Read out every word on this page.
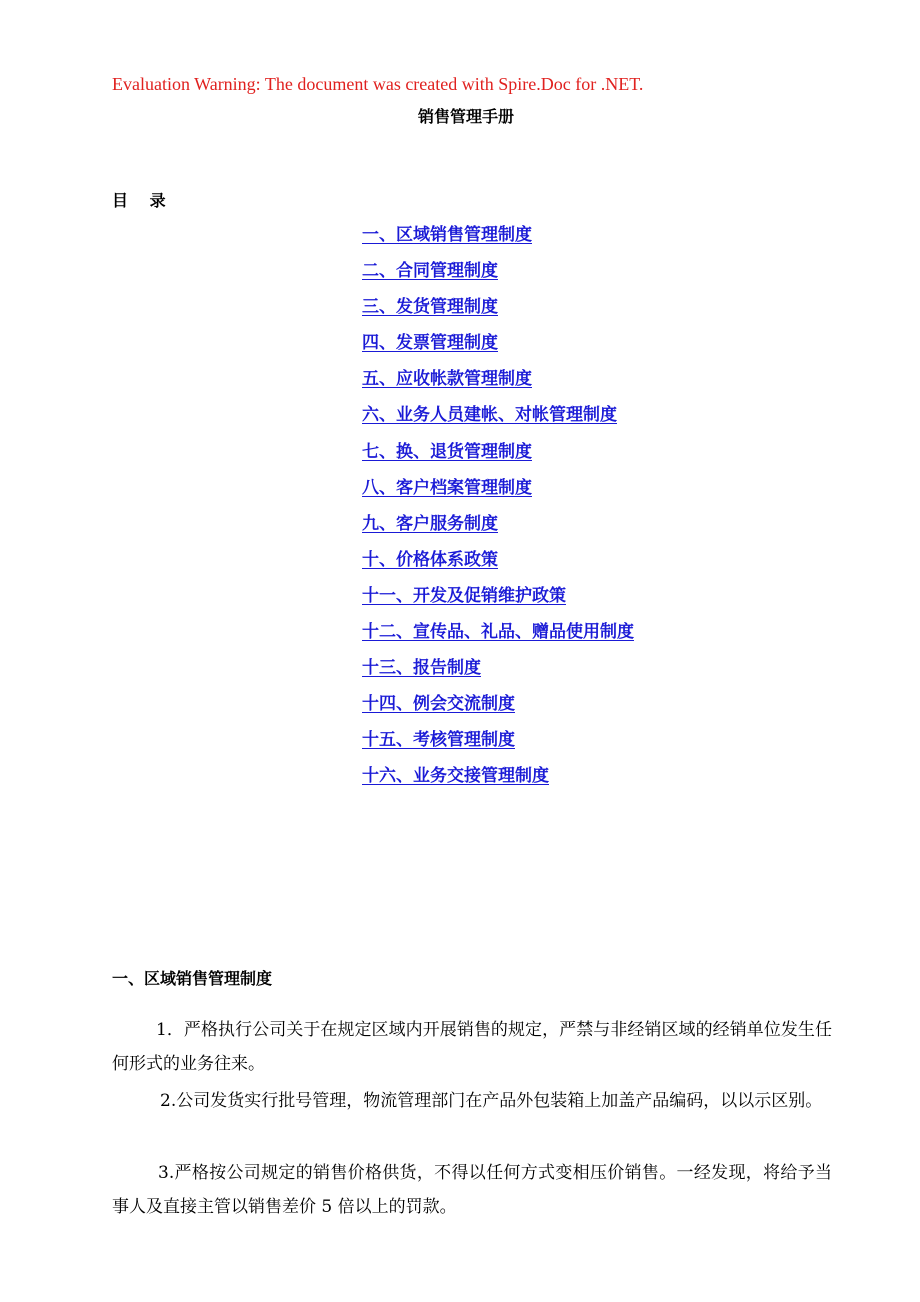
Evaluation Warning: The document was created with Spire.Doc for .NET.
销售管理手册
目 录
一、区域销售管理制度
二、合同管理制度
三、发货管理制度
四、发票管理制度
五、应收帐款管理制度
六、业务人员建帐、对帐管理制度
七、换、退货管理制度
八、客户档案管理制度
九、客户服务制度
十、价格体系政策
十一、开发及促销维护政策
十二、宣传品、礼品、赠品使用制度
十三、报告制度
十四、例会交流制度
十五、考核管理制度
十六、业务交接管理制度
一、区域销售管理制度

1．严格执行公司关于在规定区域内开展销售的规定，严禁与非经销区域的经销单位发生任何形式的业务往来。

2.公司发货实行批号管理，物流管理部门在产品外包装箱上加盖产品编码，以以示区别。

3.严格按公司规定的销售价格供货，不得以任何方式变相压价销售。一经发现，将给予当事人及直接主管以销售差价 5 倍以上的罚款。
